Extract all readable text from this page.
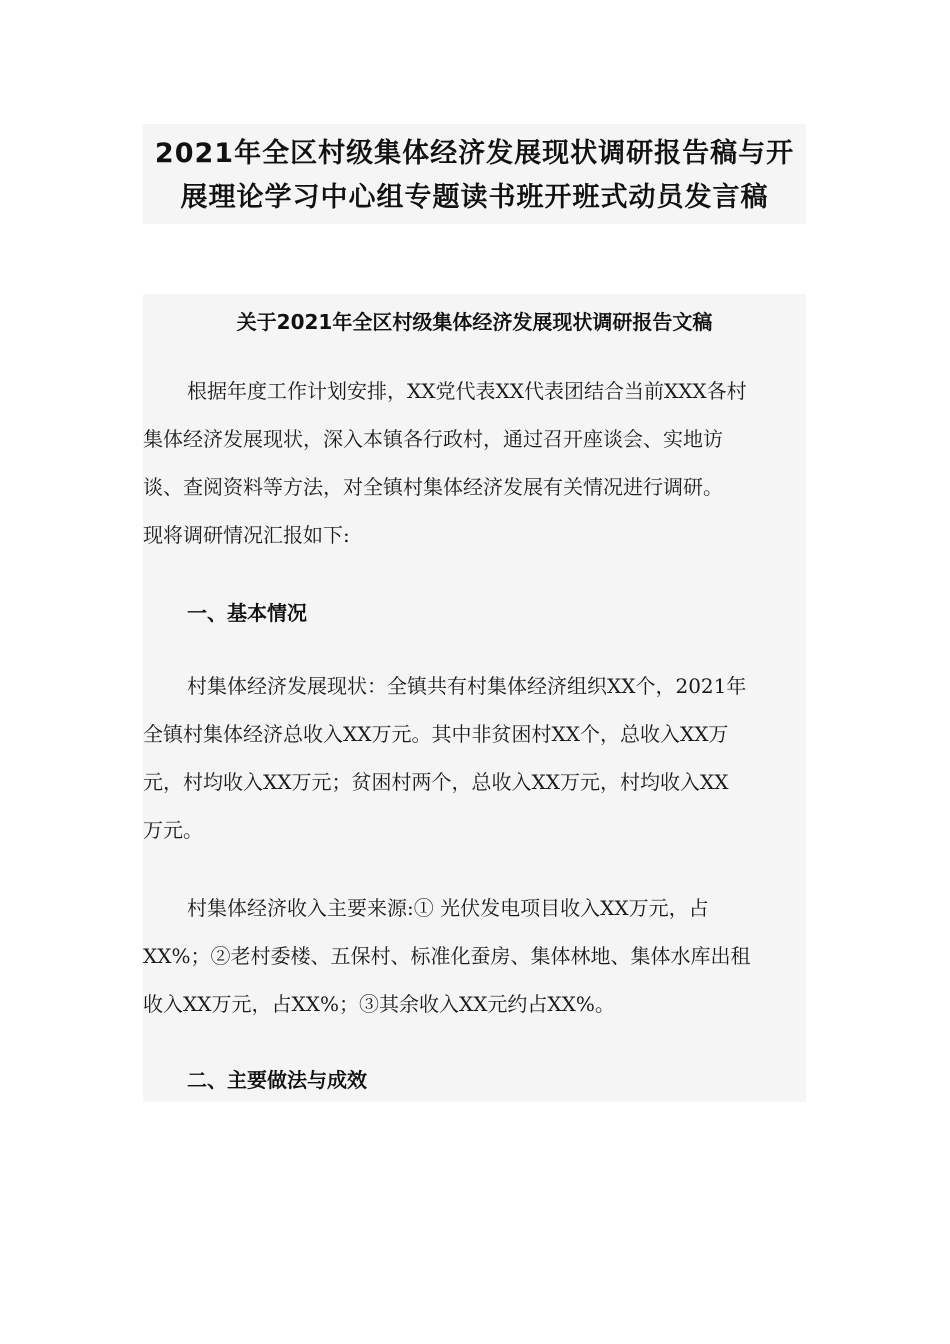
2021年全区村级集体经济发展现状调研报告稿与开
展理论学习中心组专题读书班开班式动员发言稿
关于2021年全区村级集体经济发展现状调研报告文稿

根据年度工作计划安排，XX党代表XX代表团结合当前XXX各村
集体经济发展现状，深入本镇各行政村，通过召开座谈会、实地访
谈、查阅资料等方法，对全镇村集体经济发展有关情况进行调研。
现将调研情况汇报如下:

一、基本情况

村集体经济发展现状：全镇共有村集体经济组织XX个，2021年
全镇村集体经济总收入XX万元。其中非贫困村XX个，总收入XX万
元，村均收入XX万元；贫困村两个，总收入XX万元，村均收入XX
万元。

村集体经济收入主要来源:① 光伏发电项目收入XX万元，占
XX%；②老村委楼、五保村、标准化蚕房、集体林地、集体水库出租
收入XX万元，占XX%；③其余收入XX元约占XX%。

二、主要做法与成效
